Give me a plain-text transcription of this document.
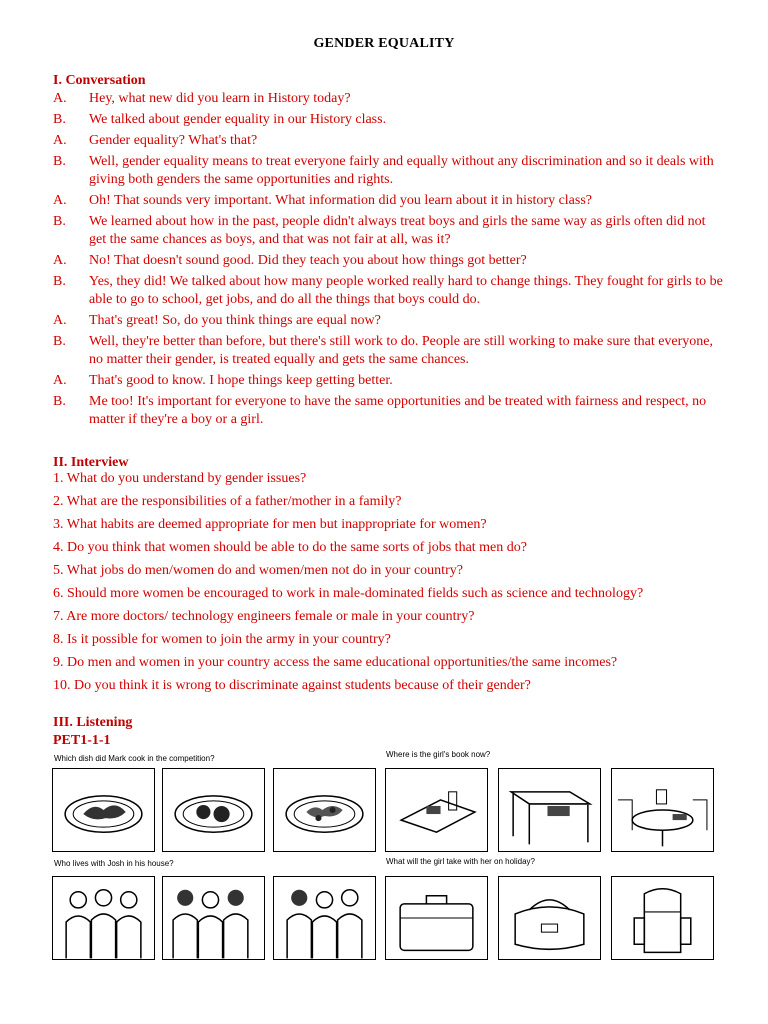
GENDER EQUALITY
I. Conversation
A.	Hey, what new did you learn in History today?
B.	We talked about gender equality in our History class.
A.	Gender equality? What's that?
B.	Well, gender equality means to treat everyone fairly and equally without any discrimination and so it deals with giving both genders the same opportunities and rights.
A.	Oh! That sounds very important. What information did you learn about it in history class?
B.	We learned about how in the past, people didn't always treat boys and girls the same way as girls often did not get the same chances as boys, and that was not fair at all, was it?
A.	No! That doesn't sound good. Did they teach you about how things got better?
B.	Yes, they did! We talked about how many people worked really hard to change things. They fought for girls to be able to go to school, get jobs, and do all the things that boys could do.
A.	That's great! So, do you think things are equal now?
B.	Well, they're better than before, but there's still work to do. People are still working to make sure that everyone, no matter their gender, is treated equally and gets the same chances.
A.	That's good to know. I hope things keep getting better.
B.	Me too! It's important for everyone to have the same opportunities and be treated with fairness and respect, no matter if they're a boy or a girl.
II. Interview
1. What do you understand by gender issues?
2. What are the responsibilities of a father/mother in a family?
3. What habits are deemed appropriate for men but inappropriate for women?
4. Do you think that women should be able to do the same sorts of jobs that men do?
5. What jobs do men/women do and women/men not do in your country?
6. Should more women be encouraged to work in male-dominated fields such as science and technology?
7. Are more doctors/ technology engineers female or male in your country?
8. Is it possible for women to join the army in your country?
9. Do men and women in your country access the same educational opportunities/the same incomes?
10. Do you think it is wrong to discriminate against students because of their gender?
III. Listening
PET1-1-1
Which dish did Mark cook in the competition?	Where is the girl's book now?
Who lives with Josh in his house?	What will the girl take with her on holiday?
